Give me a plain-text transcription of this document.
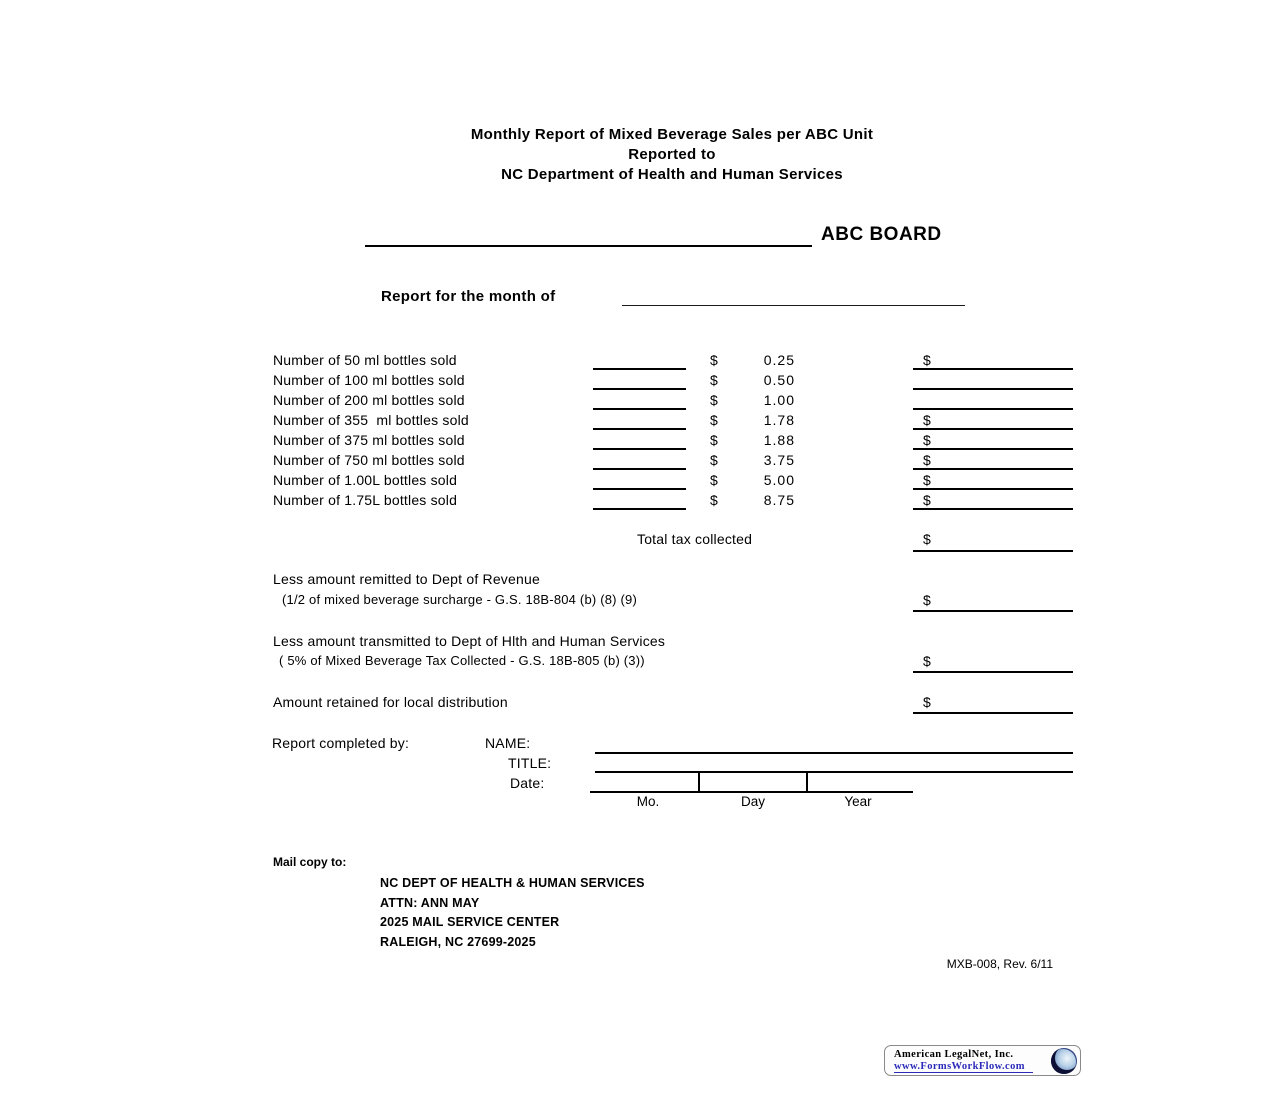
Monthly Report of Mixed Beverage Sales per ABC Unit
Reported to
NC Department of Health and Human Services
ABC BOARD
Report for the month of
Number of 50 ml bottles sold	$	0.25	$
Number of 100 ml bottles sold	$	0.50
Number of 200 ml bottles sold	$	1.00
Number of 355  ml bottles sold	$	1.78	$
Number of 375 ml bottles sold	$	1.88	$
Number of 750 ml bottles sold	$	3.75	$
Number of 1.00L bottles sold	$	5.00	$
Number of 1.75L bottles sold	$	8.75	$
Total tax collected	$
Less amount remitted to Dept of Revenue
(1/2 of mixed beverage surcharge - G.S. 18B-804 (b) (8) (9)	$
Less amount transmitted to Dept of Hlth and Human Services
( 5% of Mixed Beverage Tax Collected - G.S. 18B-805 (b) (3))	$
Amount retained for local distribution	$
Report completed by:	NAME:
TITLE:
Date:
Mo.	Day	Year
Mail copy to:
NC DEPT OF HEALTH & HUMAN SERVICES
ATTN: ANN MAY
2025 MAIL SERVICE CENTER
RALEIGH, NC 27699-2025
MXB-008, Rev. 6/11
American LegalNet, Inc.
www.FormsWorkFlow.com
